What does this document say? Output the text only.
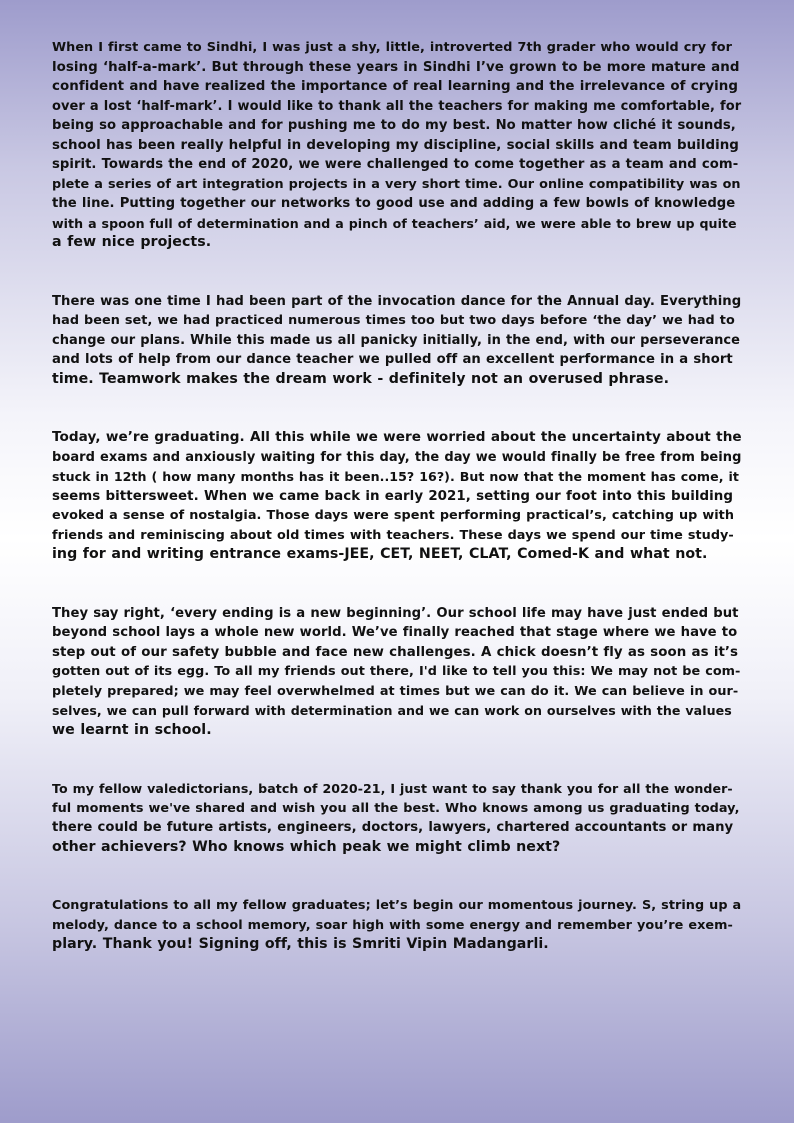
When I first came to Sindhi, I was just a shy, little, introverted 7th grader who would cry for
losing ‘half-a-mark’. But through these years in Sindhi I’ve grown to be more mature and
confident and have realized the importance of real learning and the irrelevance of crying
over a lost ‘half-mark’. I would like to thank all the teachers for making me comfortable, for
being so approachable and for pushing me to do my best. No matter how cliché it sounds,
school has been really helpful in developing my discipline, social skills and team building
spirit. Towards the end of 2020, we were challenged to come together as a team and com-
plete a series of art integration projects in a very short time. Our online compatibility was on
the line. Putting together our networks to good use and adding a few bowls of knowledge
with a spoon full of determination and a pinch of teachers’ aid, we were able to brew up quite
a few nice projects.

There was one time I had been part of the invocation dance for the Annual day. Everything
had been set, we had practiced numerous times too but two days before ‘the day’ we had to
change our plans. While this made us all panicky initially, in the end, with our perseverance
and lots of help from our dance teacher we pulled off an excellent performance in a short
time. Teamwork makes the dream work - definitely not an overused phrase.

Today, we’re graduating. All this while we were worried about the uncertainty about the
board exams and anxiously waiting for this day, the day we would finally be free from being
stuck in 12th ( how many months has it been..15? 16?). But now that the moment has come, it
seems bittersweet. When we came back in early 2021, setting our foot into this building
evoked a sense of nostalgia. Those days were spent performing practical’s, catching up with
friends and reminiscing about old times with teachers. These days we spend our time study-
ing for and writing entrance exams-JEE, CET, NEET, CLAT, Comed-K and what not.

They say right, ‘every ending is a new beginning’. Our school life may have just ended but
beyond school lays a whole new world. We’ve finally reached that stage where we have to
step out of our safety bubble and face new challenges. A chick doesn’t fly as soon as it’s
gotten out of its egg. To all my friends out there, I'd like to tell you this: We may not be com-
pletely prepared; we may feel overwhelmed at times but we can do it. We can believe in our-
selves, we can pull forward with determination and we can work on ourselves with the values
we learnt in school.

To my fellow valedictorians, batch of 2020-21, I just want to say thank you for all the wonder-
ful moments we've shared and wish you all the best. Who knows among us graduating today,
there could be future artists, engineers, doctors, lawyers, chartered accountants or many
other achievers? Who knows which peak we might climb next?

Congratulations to all my fellow graduates; let’s begin our momentous journey. S, string up a
melody, dance to a school memory, soar high with some energy and remember you’re exem-
plary. Thank you! Signing off, this is Smriti Vipin Madangarli.
